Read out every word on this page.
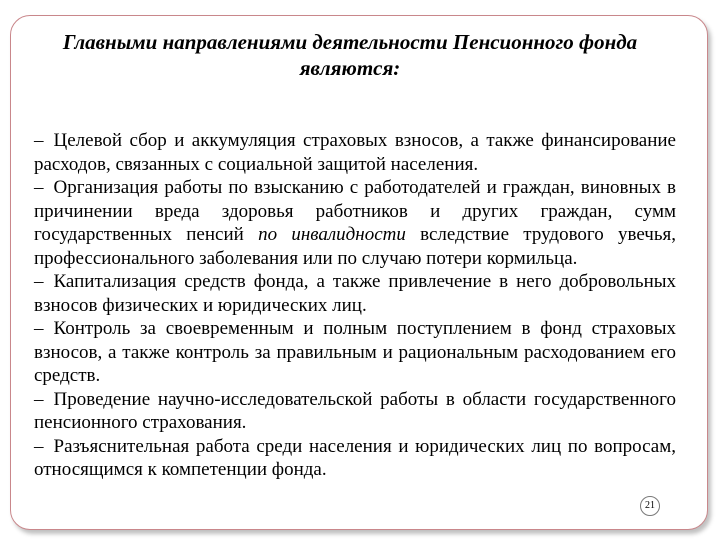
Главными направлениями деятельности Пенсионного фонда
являются:
– Целевой сбор и аккумуляция страховых взносов, а также финансирование расходов, связанных с социальной защитой населения.
– Организация работы по взысканию с работодателей и граждан, виновных в причинении вреда здоровья работников и других граждан, сумм государственных пенсий по инвалидности вследствие трудового увечья, профессионального заболевания или по случаю потери кормильца.
– Капитализация средств фонда, а также привлечение в него добровольных взносов физических и юридических лиц.
– Контроль за своевременным и полным поступлением в фонд страховых взносов, а также контроль за правильным и рациональным расходованием его средств.
– Проведение научно-исследовательской работы в области государственного пенсионного страхования.
– Разъяснительная работа среди населения и юридических лиц по вопросам, относящимся к компетенции фонда.
21
